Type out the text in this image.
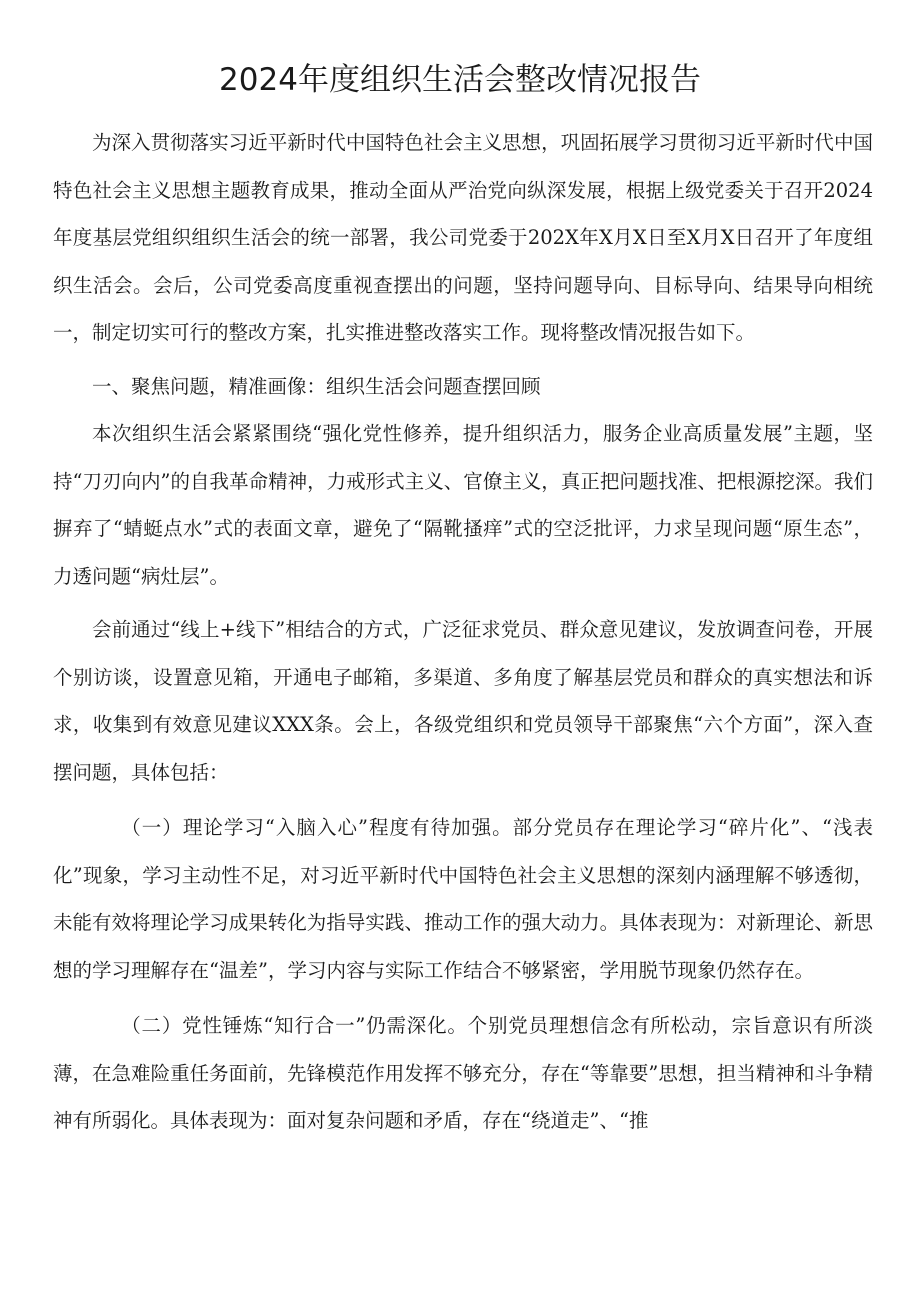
2024年度组织生活会整改情况报告

为深入贯彻落实习近平新时代中国特色社会主义思想，巩固拓展学习贯彻习近平新时代中国特色社会主义思想主题教育成果，推动全面从严治党向纵深发展，根据上级党委关于召开2024年度基层党组织组织生活会的统一部署，我公司党委于202X年X月X日至X月X日召开了年度组织生活会。会后，公司党委高度重视查摆出的问题，坚持问题导向、目标导向、结果导向相统一，制定切实可行的整改方案，扎实推进整改落实工作。现将整改情况报告如下。

一、聚焦问题，精准画像：组织生活会问题查摆回顾

本次组织生活会紧紧围绕“强化党性修养，提升组织活力，服务企业高质量发展”主题，坚持“刀刃向内”的自我革命精神，力戒形式主义、官僚主义，真正把问题找准、把根源挖深。我们摒弃了“蜻蜓点水”式的表面文章，避免了“隔靴搔痒”式的空泛批评，力求呈现问题“原生态”，力透问题“病灶层”。

会前通过“线上+线下”相结合的方式，广泛征求党员、群众意见建议，发放调查问卷，开展个别访谈，设置意见箱，开通电子邮箱，多渠道、多角度了解基层党员和群众的真实想法和诉求，收集到有效意见建议XXX条。会上，各级党组织和党员领导干部聚焦“六个方面”，深入查摆问题，具体包括：

（一）理论学习“入脑入心”程度有待加强。部分党员存在理论学习“碎片化”、“浅表化”现象，学习主动性不足，对习近平新时代中国特色社会主义思想的深刻内涵理解不够透彻，未能有效将理论学习成果转化为指导实践、推动工作的强大动力。具体表现为：对新理论、新思想的学习理解存在“温差”，学习内容与实际工作结合不够紧密，学用脱节现象仍然存在。

（二）党性锤炼“知行合一”仍需深化。个别党员理想信念有所松动，宗旨意识有所淡薄，在急难险重任务面前，先锋模范作用发挥不够充分，存在“等靠要”思想，担当精神和斗争精神有所弱化。具体表现为：面对复杂问题和矛盾，存在“绕道走”、“推
